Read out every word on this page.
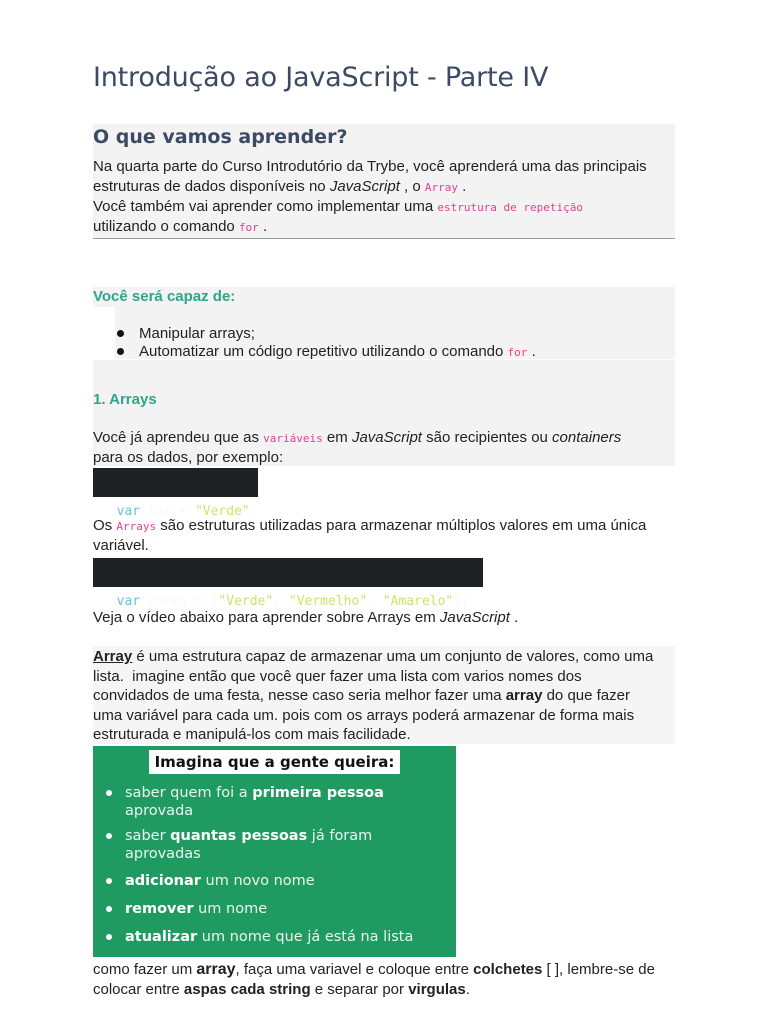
Introdução ao JavaScript - Parte IV
O que vamos aprender?

Na quarta parte do Curso Introdutório da Trybe, você aprenderá uma das principais

estruturas de dados disponíveis no JavaScript , o Array .

Você também vai aprender como implementar uma estrutura de repetição

utilizando o comando for .

Você será capaz de:
Manipular arrays;
Automatizar um código repetitivo utilizando o comando for .
1. Arrays

Você já aprendeu que as variáveis em JavaScript são recipientes ou containers

para os dados, por exemplo:

var cor = "Verde";

Os Arrays são estruturas utilizadas para armazenar múltiplos valores em uma única

variável.

var cores = ["Verde", "Vermelho", "Amarelo"];

Veja o vídeo abaixo para aprender sobre Arrays em JavaScript .

Array é uma estrutura capaz de armazenar uma um conjunto de valores, como uma

lista.  imagine então que você quer fazer uma lista com varios nomes dos

convidados de uma festa, nesse caso seria melhor fazer uma array do que fazer

uma variável para cada um. pois com os arrays poderá armazenar de forma mais

estruturada e manipulá-los com mais facilidade.

Imagina que a gente queira:
saber quem foi a primeira pessoa
aprovada
saber quantas pessoas já foram
aprovadas
adicionar um novo nome
remover um nome
atualizar um nome que já está na lista

como fazer um array, faça uma variavel e coloque entre colchetes [ ], lembre-se de

colocar entre aspas cada string e separar por virgulas.
